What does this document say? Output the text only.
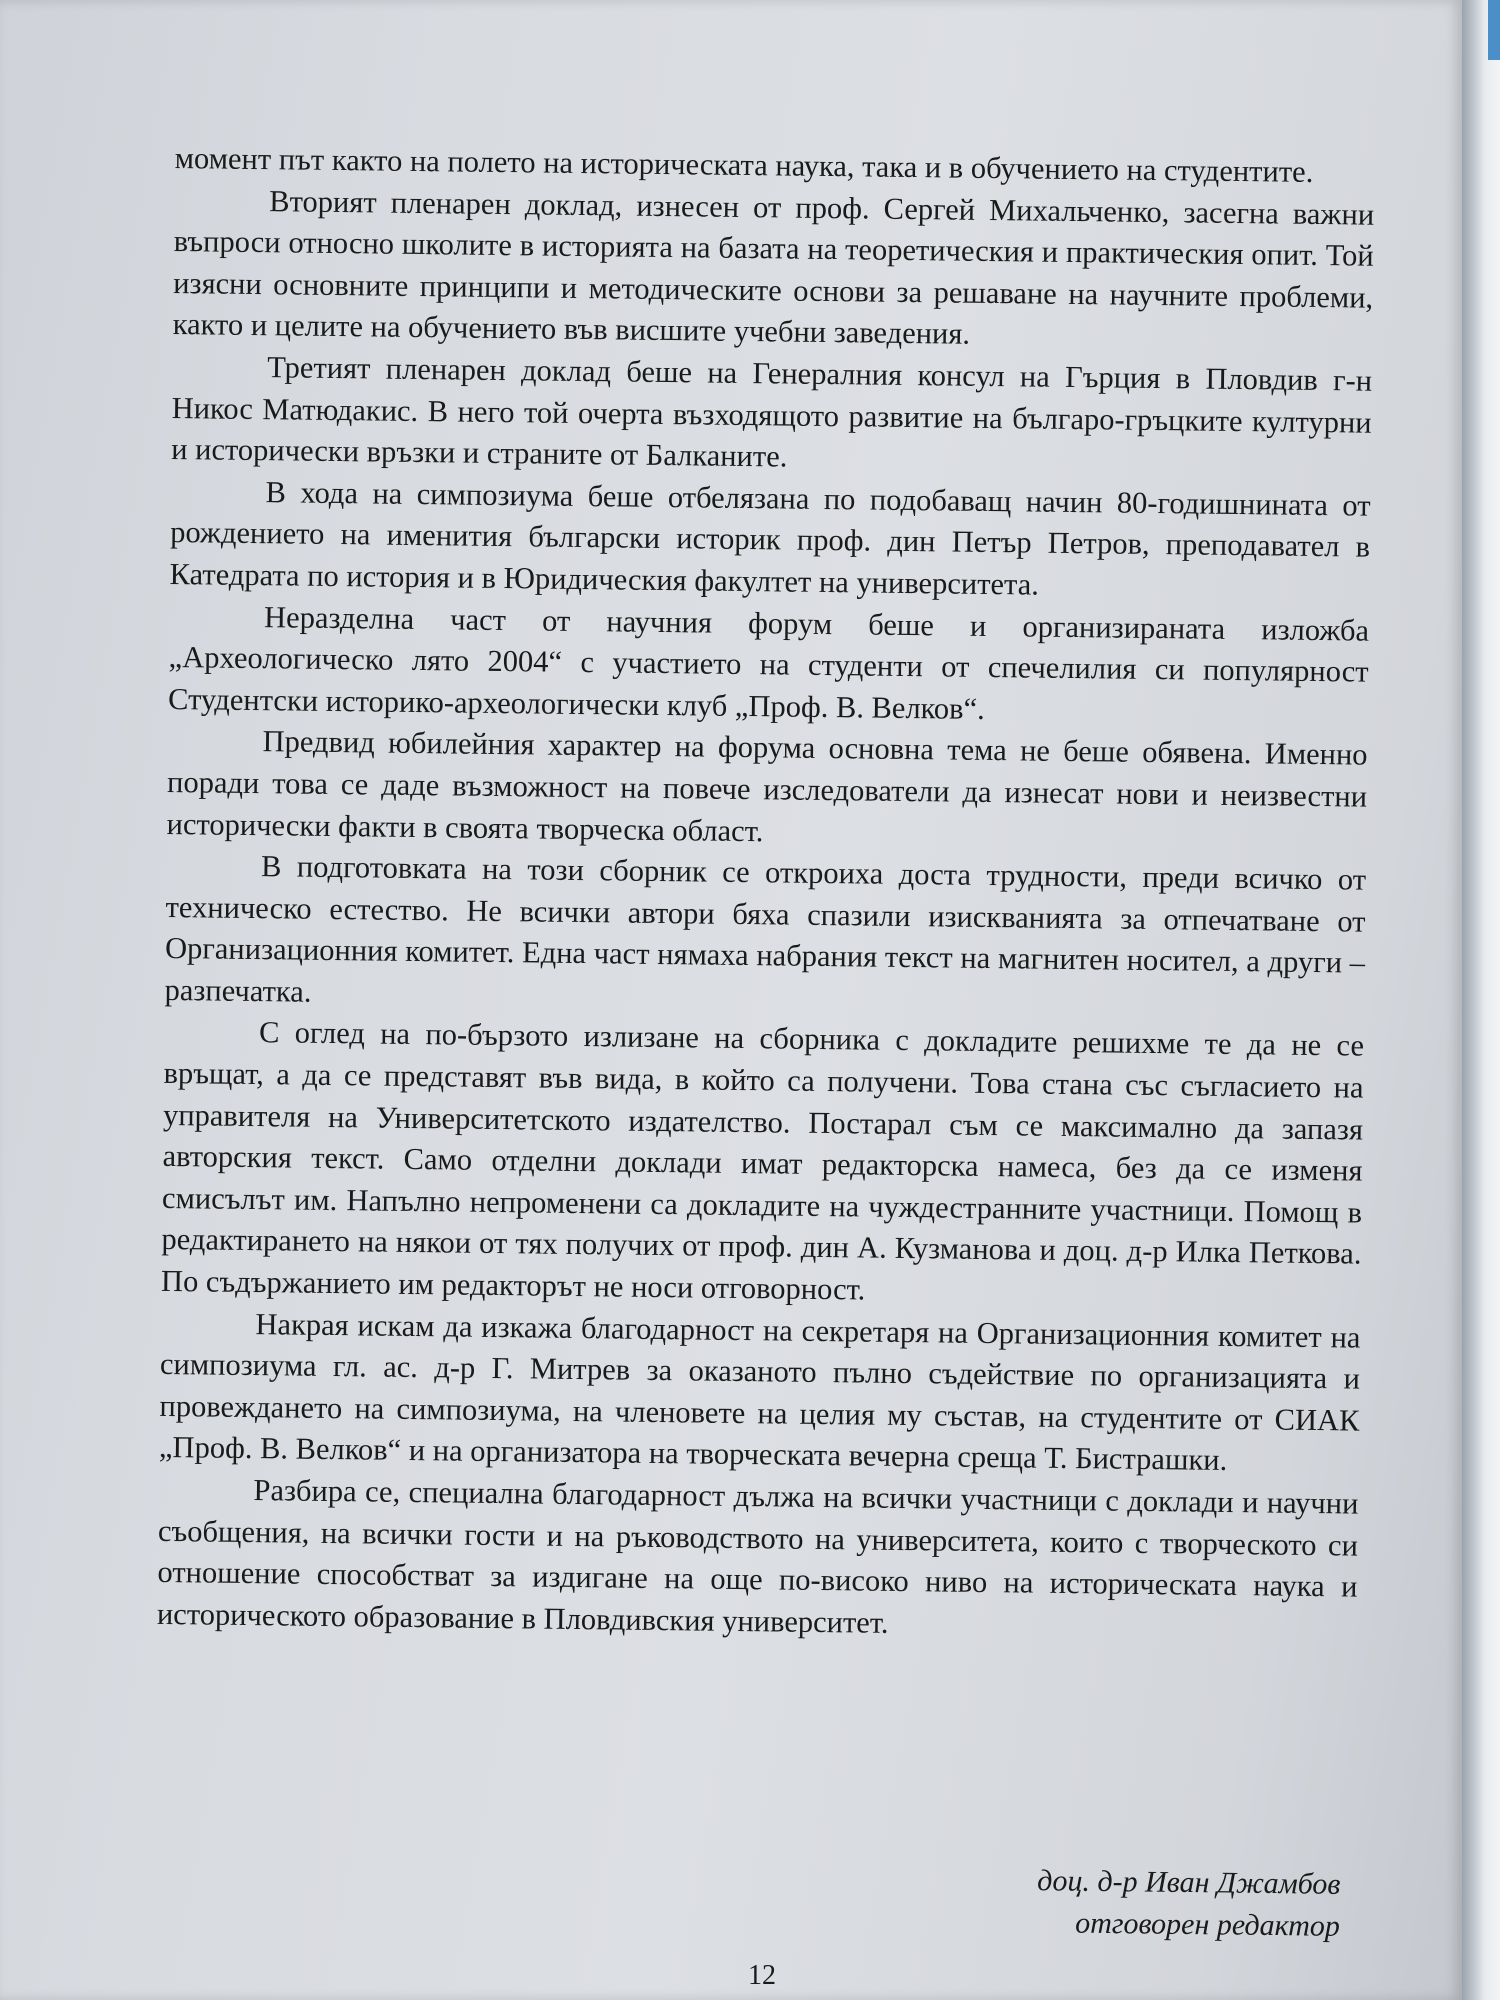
момент път както на полето на историческата наука, така и в обучението на студентите.

Вторият пленарен доклад, изнесен от проф. Сергей Михальченко, засегна важни въпроси относно школите в историята на базата на теоретическия и практическия опит. Той изясни основните принципи и методическите основи за решаване на научните проблеми, както и целите на обучението във висшите учебни заведения.

Третият пленарен доклад беше на Генералния консул на Гърция в Пловдив г-н Никос Матюдакис. В него той очерта възходящото развитие на българо-гръцките културни и исторически връзки и страните от Балканите.

В хода на симпозиума беше отбелязана по подобаващ начин 80-годишнината от рождението на именития български историк проф. дин Петър Петров, преподавател в Катедрата по история и в Юридическия факултет на университета.

Неразделна част от научния форум беше и организираната изложба „Археологическо лято 2004“ с участието на студенти от спечелилия си популярност Студентски историко-археологически клуб „Проф. В. Велков“.

Предвид юбилейния характер на форума основна тема не беше обявена. Именно поради това се даде възможност на повече изследователи да изнесат нови и неизвестни исторически факти в своята творческа област.

В подготовката на този сборник се откроиха доста трудности, преди всичко от техническо естество. Не всички автори бяха спазили изискванията за отпечатване от Организационния комитет. Една част нямаха набрания текст на магнитен носител, а други – разпечатка.

С оглед на по-бързото излизане на сборника с докладите решихме те да не се връщат, а да се представят във вида, в който са получени. Това стана със съгласието на управителя на Университетското издателство. Постарал съм се максимално да запазя авторския текст. Само отделни доклади имат редакторска намеса, без да се изменя смисълът им. Напълно непроменени са докладите на чуждестранните участници. Помощ в редактирането на някои от тях получих от проф. дин А. Кузманова и доц. д-р Илка Петкова. По съдържанието им редакторът не носи отговорност.

Накрая искам да изкажа благодарност на секретаря на Организационния комитет на симпозиума гл. ас. д-р Г. Митрев за оказаното пълно съдействие по организацията и провеждането на симпозиума, на членовете на целия му състав, на студентите от СИАК „Проф. В. Велков“ и на организатора на творческата вечерна среща Т. Бистрашки.

Разбира се, специална благодарност дължа на всички участници с доклади и научни съобщения, на всички гости и на ръководството на университета, които с творческото си отношение способстват за издигане на още по-високо ниво на историческата наука и историческото образование в Пловдивския университет.

доц. д-р Иван Джамбов
отговорен редактор
12
